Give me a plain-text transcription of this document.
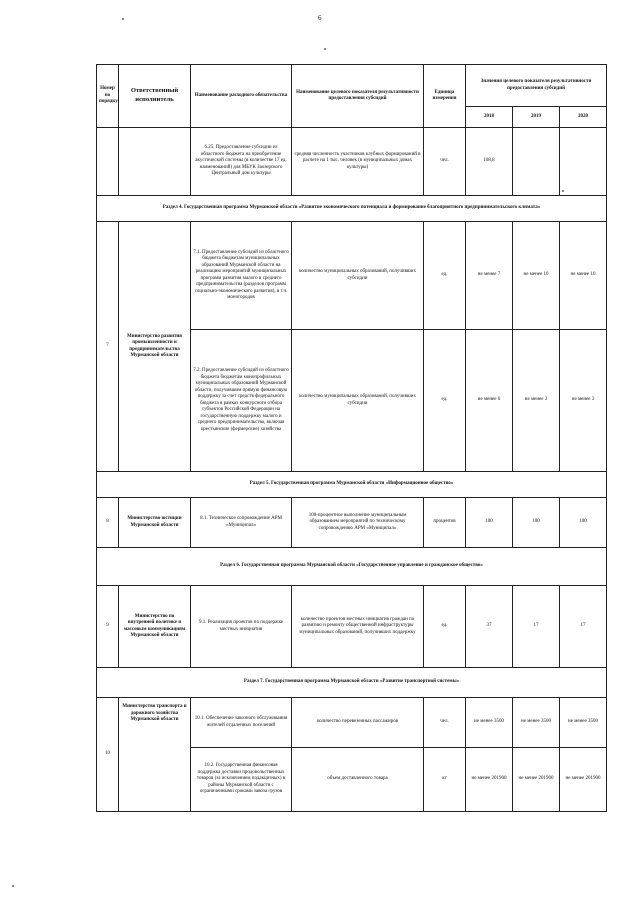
6
Номер по порядку	Ответственный исполнитель	Наименование расходного обязательства	Наименование целевого показателя результативности предоставления субсидий	Единица измерения	Значения целевого показателя результативности предоставления субсидий		
					2018	2019	2020
		6.25. Предоставление субсидии из областного бюджета на приобретение акустической системы (в количестве 17 ед. наименований) для МБУК Заозерского Центральный дом культуры	средняя численность участников клубных формирований в расчете на 1 тыс. человек (в муниципальных домах культуры)	чел.	108,8		
Раздел 4. Государственная программа Мурманской области «Развитие экономического потенциала и формирование благоприятного предпринимательского климата»							
7	Министерство развития промышленности и предпринимательства Мурманской области	7.1. Предоставление субсидий из областного бюджета бюджетам муниципальных образований Мурманской области на реализацию мероприятий муниципальных программ развития малого и среднего предпринимательства (разделов программ социально-экономического развития), в т.ч. моногородов	количество муниципальных образований, получивших субсидии	ед.	не менее 7	не менее 10	не менее 10
		7.2. Предоставление субсидий из областного бюджета бюджетам монопрофильных муниципальных образований Мурманской области, получившим прямую финансовую поддержку за счет средств федерального бюджета в рамках конкурсного отбора субъектов Российской Федерации на государственную поддержку малого и среднего предпринимательства, включая крестьянские (фермерские) хозяйства	количество муниципальных образований, получивших субсидии	ед.	не менее 6	не менее 3	не менее 3
Раздел 5. Государственная программа Мурманской области «Информационное общество»							
8	Министерство юстиции Мурманской области	8.1. Техническое сопровождение АРМ «Муниципал»	100-процентное выполнение муниципальным образованием мероприятий по техническому сопровождению АРМ «Муниципал»	процентов	100	100	100
Раздел 6. Государственная программа Мурманской области «Государственное управление и гражданское общество»							
9	Министерство по внутренней политике и массовым коммуникациям Мурманской области	9.1. Реализация проектов по поддержке местных инициатив	количество проектов местных инициатив граждан по развитию и ремонту общественной инфраструктуры муниципальных образований, получивших поддержку	ед.	37	17	17
Раздел 7. Государственная программа Мурманской области «Развитие транспортной системы»							
10	Министерство транспорта и дорожного хозяйства Мурманской области	10.1. Обеспечение завозного обслуживания жителей отдаленных поселений	количество перевезенных пассажиров	чел.	не менее 3500	не менее 3500	не менее 3500
		10.2. Государственная финансовая поддержка доставки продовольственных товаров (за исключением подакцизных) в районы Мурманской области с ограниченными сроками завоза грузов	объем доставленного товара	кг	не менее 201900	не менее 201900	не менее 201900
